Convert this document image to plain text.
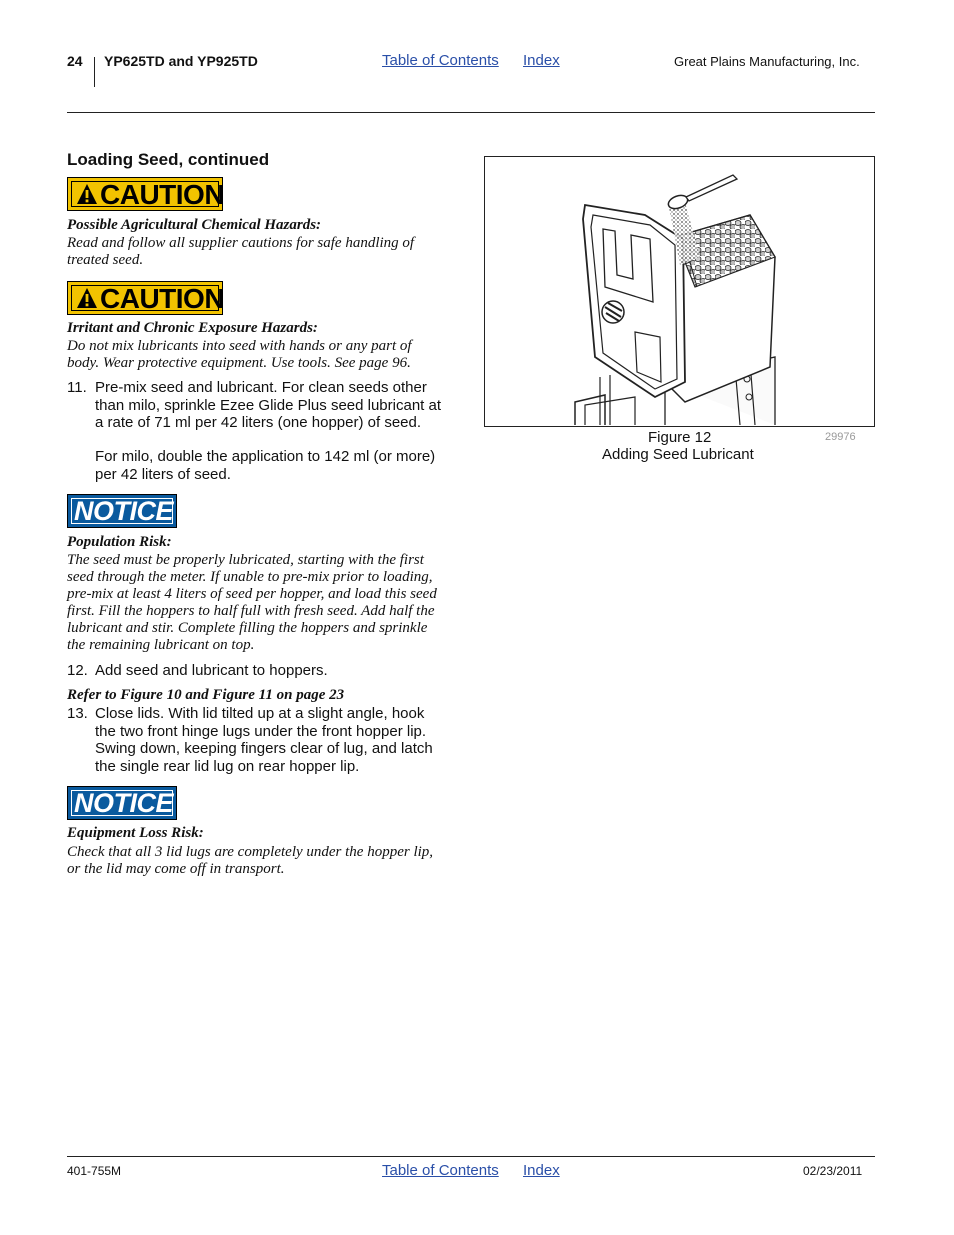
24 YP625TD and YP925TD	Table of Contents Index	Great Plains Manufacturing, Inc.
Loading Seed, continued
CAUTION
Possible Agricultural Chemical Hazards:
Read and follow all supplier cautions for safe handling of
treated seed.
CAUTION
Irritant and Chronic Exposure Hazards:
Do not mix lubricants into seed with hands or any part of
body. Wear protective equipment. Use tools. See page 96.
11. Pre-mix seed and lubricant. For clean seeds other
than milo, sprinkle Ezee Glide Plus seed lubricant at
a rate of 71 ml per 42 liters (one hopper) of seed.
For milo, double the application to 142 ml (or more)
per 42 liters of seed.
NOTICE
Population Risk:
The seed must be properly lubricated, starting with the first
seed through the meter. If unable to pre-mix prior to loading,
pre-mix at least 4 liters of seed per hopper, and load this seed
first. Fill the hoppers to half full with fresh seed. Add half the
lubricant and stir. Complete filling the hoppers and sprinkle
the remaining lubricant on top.
12. Add seed and lubricant to hoppers.
Refer to Figure 10 and Figure 11 on page 23
13. Close lids. With lid tilted up at a slight angle, hook
the two front hinge lugs under the front hopper lip.
Swing down, keeping fingers clear of lug, and latch
the single rear lid lug on rear hopper lip.
NOTICE
Equipment Loss Risk:
Check that all 3 lid lugs are completely under the hopper lip,
or the lid may come off in transport.
Figure 12	29976
Adding Seed Lubricant
401-755M	Table of Contents Index	02/23/2011
